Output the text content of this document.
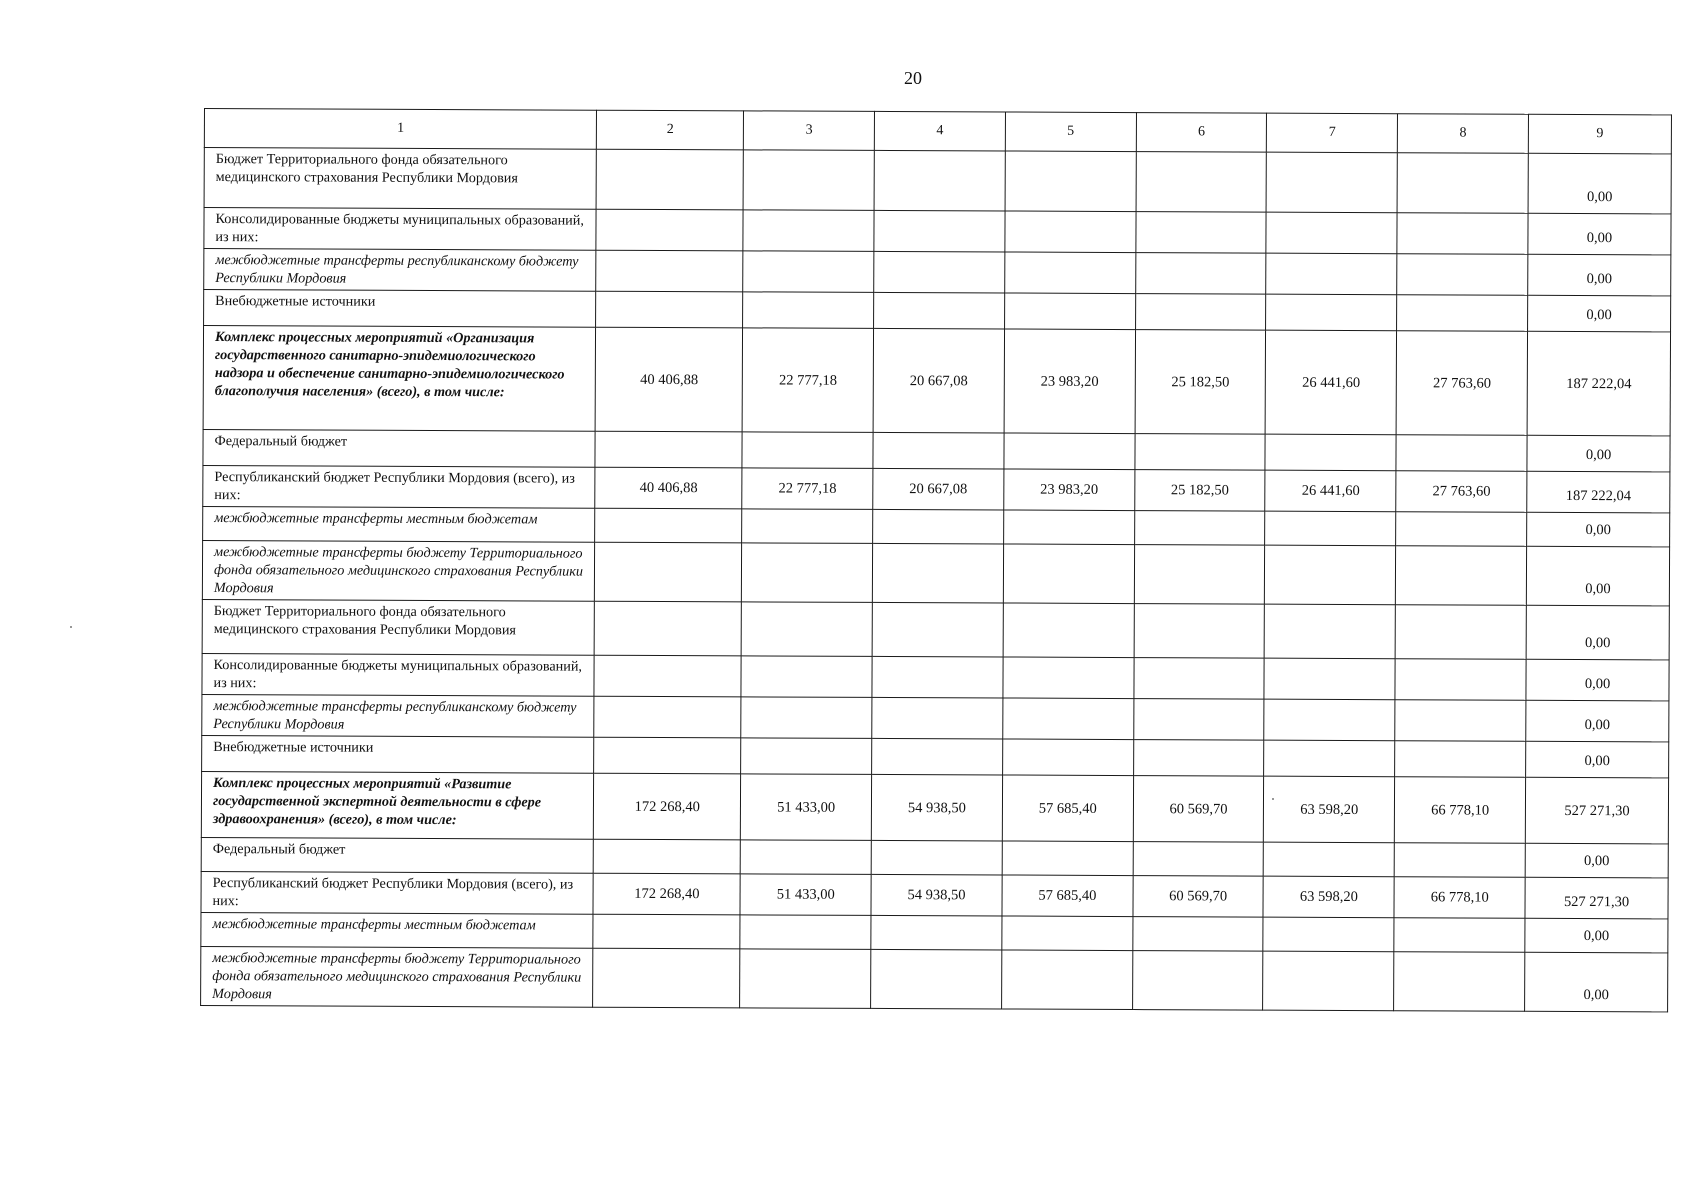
20
1	2	3	4	5	6	7	8	9
Бюджет Территориального фонда обязательного медицинского страхования Республики Мордовия								0,00
Консолидированные бюджеты муниципальных образований, из них:								0,00
межбюджетные трансферты республиканскому бюджету Республики Мордовия								0,00
Внебюджетные источники								0,00
Комплекс процессных мероприятий «Организация государственного санитарно-эпидемиологического надзора и обеспечение санитарно-эпидемиологического благополучия населения» (всего), в том числе:	40 406,88	22 777,18	20 667,08	23 983,20	25 182,50	26 441,60	27 763,60	187 222,04
Федеральный бюджет								0,00
Республиканский бюджет Республики Мордовия (всего), из них:	40 406,88	22 777,18	20 667,08	23 983,20	25 182,50	26 441,60	27 763,60	187 222,04
межбюджетные трансферты местным бюджетам								0,00
межбюджетные трансферты бюджету Территориального фонда обязательного медицинского страхования Республики Мордовия								0,00
Бюджет Территориального фонда обязательного медицинского страхования Республики Мордовия								0,00
Консолидированные бюджеты муниципальных образований, из них:								0,00
межбюджетные трансферты республиканскому бюджету Республики Мордовия								0,00
Внебюджетные источники								0,00
Комплекс процессных мероприятий «Развитие государственной экспертной деятельности в сфере здравоохранения» (всего), в том числе:	172 268,40	51 433,00	54 938,50	57 685,40	60 569,70	63 598,20	66 778,10	527 271,30
Федеральный бюджет								0,00
Республиканский бюджет Республики Мордовия (всего), из них:	172 268,40	51 433,00	54 938,50	57 685,40	60 569,70	63 598,20	66 778,10	527 271,30
межбюджетные трансферты местным бюджетам								0,00
межбюджетные трансферты бюджету Территориального фонда обязательного медицинского страхования Республики Мордовия								0,00
